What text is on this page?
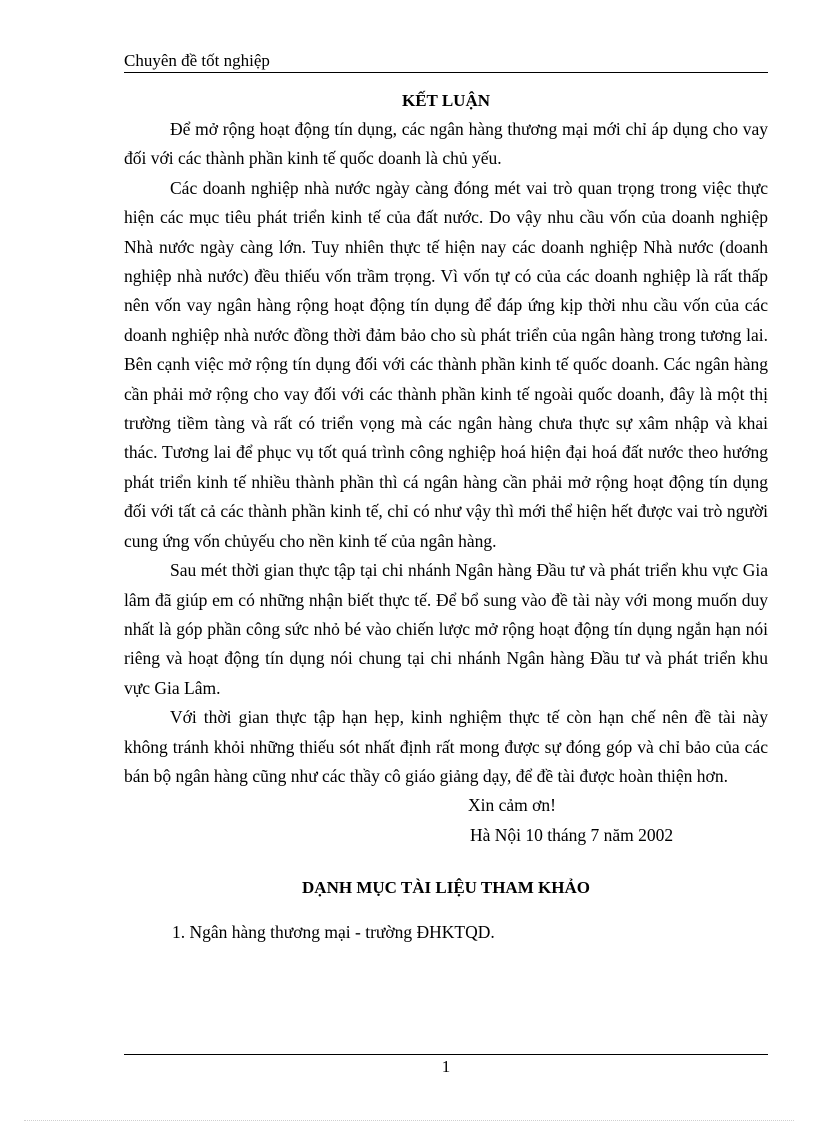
Chuyên đề tốt nghiệp
KẾT LUẬN

Để mở rộng hoạt động tín dụng, các ngân hàng thương mại mới chỉ áp dụng cho vay đối với các thành phần kinh tế quốc doanh là chủ yếu.

Các doanh nghiệp nhà nước ngày càng đóng mét vai trò quan trọng trong việc thực hiện các mục tiêu phát triển kinh tế của đất nước. Do vậy nhu cầu vốn của doanh nghiệp Nhà nước ngày càng lớn. Tuy nhiên thực tế hiện nay các doanh nghiệp Nhà nước (doanh nghiệp nhà nước) đều thiếu vốn trầm trọng. Vì vốn tự có của các doanh nghiệp là rất thấp nên vốn vay ngân hàng rộng hoạt động tín dụng để đáp ứng kịp thời nhu cầu vốn của các doanh nghiệp nhà nước đồng thời đảm bảo cho sù phát triển của ngân hàng trong tương lai. Bên cạnh việc mở rộng tín dụng đối với các thành phần kinh tế quốc doanh. Các ngân hàng cần phải mở rộng cho vay đối với các thành phần kinh tế ngoài quốc doanh, đây là một thị trường tiềm tàng và rất có triển vọng mà các ngân hàng chưa thực sự xâm nhập và khai thác. Tương lai để phục vụ tốt quá trình công nghiệp hoá hiện đại hoá đất nước theo hướng phát triển kinh tế nhiều thành phần thì cá ngân hàng cần phải mở rộng hoạt động tín dụng đối với tất cả các thành phần kinh tế, chỉ có như vậy thì mới thể hiện hết được vai trò người cung ứng vốn chủyếu cho nền kinh tế của ngân hàng.

Sau mét thời gian thực tập tại chi nhánh Ngân hàng Đầu tư và phát triển khu vực Gia lâm đã giúp em có những nhận biết thực tế. Để bổ sung vào đề tài này với mong muốn duy nhất là góp phần công sức nhỏ bé vào chiến lược mở rộng hoạt động tín dụng ngắn hạn nói riêng và hoạt động tín dụng nói chung tại chi nhánh Ngân hàng Đầu tư và phát triển khu vực Gia Lâm.

Với thời gian thực tập hạn hẹp, kinh nghiệm thực tế còn hạn chế nên đề tài này không tránh khỏi những thiếu sót nhất định rất mong được sự đóng góp và chỉ bảo của các bán bộ ngân hàng cũng như các thầy cô giáo giảng dạy, để đề tài được hoàn thiện hơn.

Xin cảm ơn!

Hà Nội 10 tháng 7 năm 2002

DẠNH MỤC TÀI LIỆU THAM KHẢO

1. Ngân hàng thương mại - trường ĐHKTQD.

1
